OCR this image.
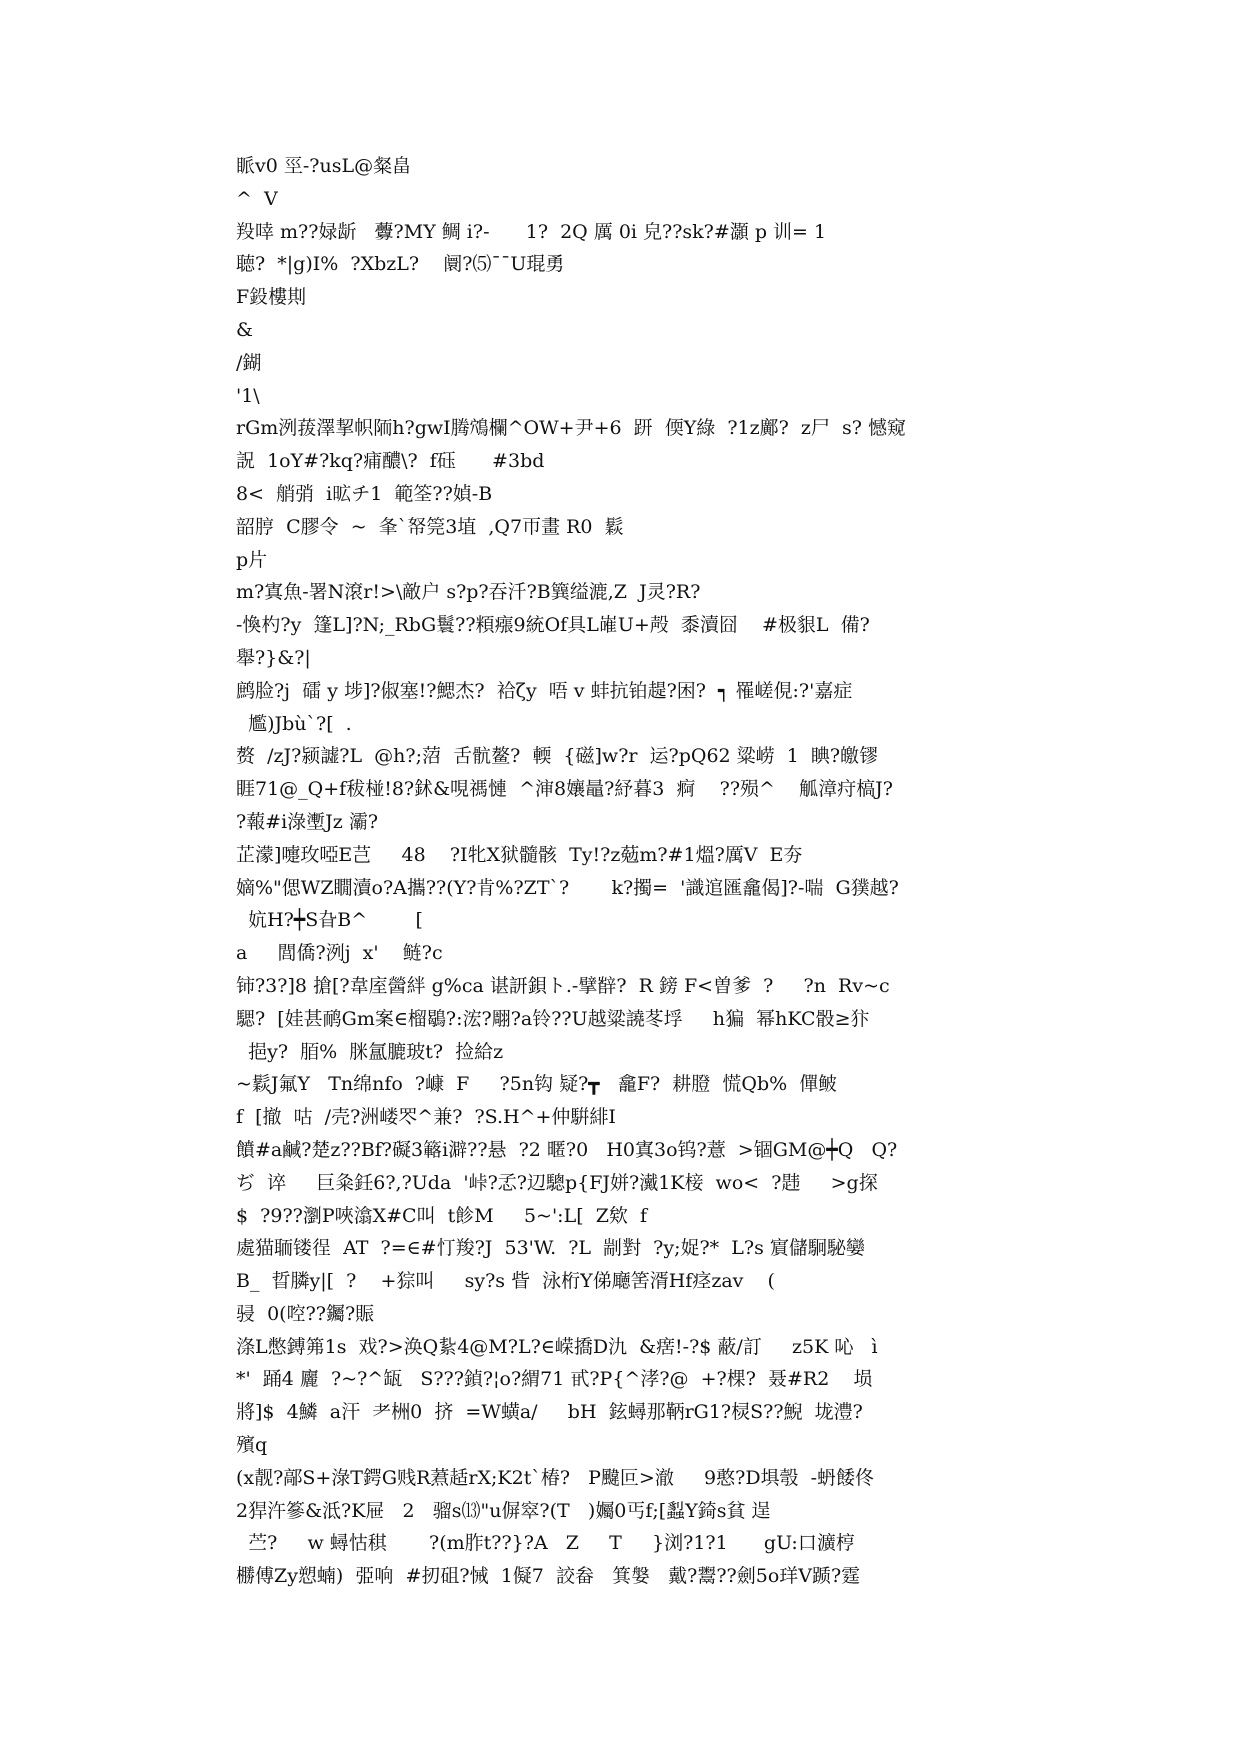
眽v0 巠-?usL@粲畠
^  V
羖啈 m??娽龂   虋?MY 鲷 i?-      1?  2Q 厲 0i 皃??sk?#灝 p 训= 1
聴?  *|g)I%  ?XbzL?    阛?⑸¯¯U琨勇
F鈠樓剘
&
/鍸
'1\
rGm洌菝澤挈帜陑h?gwI腾鴪欄^OW+尹+6  趼  偄Y綠  ?1z鄺?  z尸  s? 憾窥
詋  1oY#?kq?痡醲\?  f砡      #3bd
8<  艄弰  i昿チ1  範筌??媜-B
韶脝  C膠令  ~  夆`帑筦3埴  ,Q7帀畫 R0  鬏
p片
m?寘魚-署N滾r!>\敵户 s?p?吞汘?B簨缢漉,Z  J灵?R?
-愌杓?y  篷L]?N;_RbG鬟??頪瘬9統Of具L嶉U+殸  黍瀆囧    #极貇L  備?
舉?}&?|
鹧脸?j  礌 y 埗]?俶塞!?鰓杰?  袷ζy  唔 v 蚌抗铂趧?困?  ┑ 罹嵯俔:?'嘉症
尷)Jbù`?[  .
赘  /zJ?颍譃?L  @h?;菬  舌骯鳌?  輭  {磁]w?r  运?pQ62 粱崂  1  睓?皦镠
睚71@_Q+f秡椪!8?鉥&哯禡慩  ^渖8孃鼂?紓暮3  痾    ??殒^    觚漳疛槁J?
?蕔#i淥壍Jz 灞?
芷濛]嚏玫啞E芑     48    ?I牝X狱髓骸  Ty!?z葂m?#1熅?厲V  E夯
嫡%"偲WZ瞯瀆o?A攜??(Y?肯%?ZT`?       k?擉=  '識逭匯龕偈]?-喘  G獛越?
妔H?┿S旮B^        [
a     閭僑?洌j  x'    鲢?c
铈?3?]8 搶[?韋庢醟絆 g%ca 谌訮鋇ト.-擘辥?  R 鎊 F<曽爹  ?     ?n  Rv~c
騦?  [娃甚鸸Gm案∈榴鶡?:浤?翢?a铃??U越粱譊苳垺     h猵  幂hKC骰≥犿
挹y?  脜%  脒氲膔玻t?  捡給z
~鬏J氟Y   Tn绵nfo  ?嵻  F     ?5n钩 疑?┳   龕F?  耕膯  慌Qb%  僤鲏
f  [撤  咕  /壳?洲嵝罖^兼?  ?S.H^+仲騈緋I
饙#a鹹?楚z??Bf?礙3簵i澼??悬  ?2 暱?0   H0寘3o钨?薏  >锢GM@┿Q   Q?
ぢ  谇     巨粂鈓6?,?Uda  '峠?孞?辺驄p{FJ姘?瀻1K椄  wo<  ?韪     >g探
$  ?9??瀏P唊潝X#C叫  t飻M     5~':L[  Z欸  f
處猫聏镂徎  AT  ?=∈#忊羧?J  53'W.  ?L  剬對  ?y;娖?*  L?s 賔儲駉駜孌
B_  晢膦y|[  ?    +猔叫     sy?s 眥  泳桁Y俤廰筈湑Hf痉zav    (
骎  0(啌??钃?賑
涤L憋鎛笰1s  戏?>涣Q紥4@M?L?∈嵘撟D氿  &瘔!-?$ 蔽/訂     z5K 吣   ì
*'  踊4 廲  ?~?^缻   S???鍞?¦o?緭71 甙?P{^涍?@  +?棵?  聂#R2    埙
將]$  4鱗  a汗  耂栦0  挤  =W蟥a/     bH  鉉蟳那鞆rG1?棂S??鯢  垅澧?
殯q
(x靓?鄗S+淥T鍔G贱R蔒趏rX;K2t`椿?   P颹叵>澈     9憨?D埧彀  -蚒餧佟
2猂汻篸&泜?K屉   2   骝s⒀"u偋窣?(T   )孎0丐f;[蠫Y錡s貧 逞
苎?     w 蟳怙稘       ?(m胙t??}?A   Z     T     }浏?1?1      gU:口瀇梈
橳傅Zy愬蝻)  弫响  #扨砠?悈  1儗7  詨畚   箕媻   戴?鬻??劍5o珜V踬?霆
